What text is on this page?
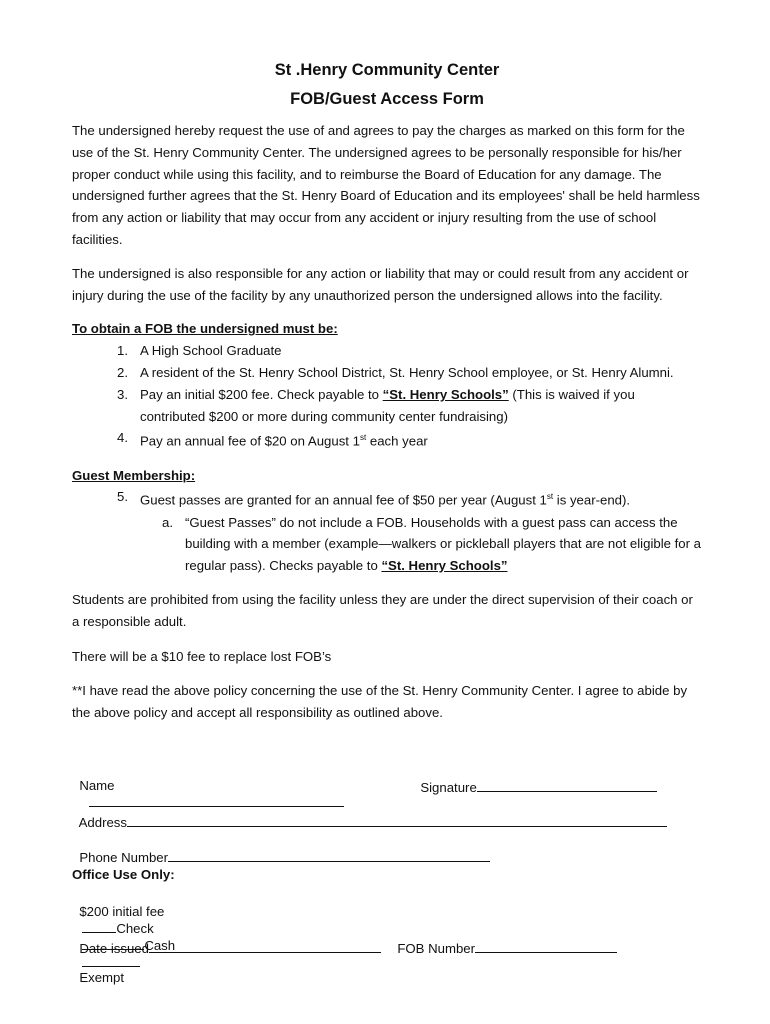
St .Henry Community Center
FOB/Guest Access Form

The undersigned hereby request the use of and agrees to pay the charges as marked on this form for the use of the St. Henry Community Center. The undersigned agrees to be personally responsible for his/her proper conduct while using this facility, and to reimburse the Board of Education for any damage. The undersigned further agrees that the St. Henry Board of Education and its employees' shall be held harmless from any action or liability that may occur from any accident or injury resulting from the use of school facilities.

The undersigned is also responsible for any action or liability that may or could result from any accident or injury during the use of the facility by any unauthorized person the undersigned allows into the facility.

To obtain a FOB the undersigned must be:
1. A High School Graduate
2. A resident of the St. Henry School District, St. Henry School employee, or St. Henry Alumni.
3. Pay an initial $200 fee. Check payable to “St. Henry Schools” (This is waived if you contributed $200 or more during community center fundraising)
4. Pay an annual fee of $20 on August 1st each year
Guest Membership:
5. Guest passes are granted for an annual fee of $50 per year (August 1st is year-end).
a. “Guest Passes” do not include a FOB. Households with a guest pass can access the building with a member (example—walkers or pickleball players that are not eligible for a regular pass). Checks payable to “St. Henry Schools”

Students are prohibited from using the facility unless they are under the direct supervision of their coach or a responsible adult.

There will be a $10 fee to replace lost FOB’s

**I have read the above policy concerning the use of the St. Henry Community Center. I agree to abide by the above policy and accept all responsibility as outlined above.

Name
	Signature

Address

Phone Number

Office Use Only:

$200 initial fee
Check
Cash

Exempt

Date issued	FOB Number
